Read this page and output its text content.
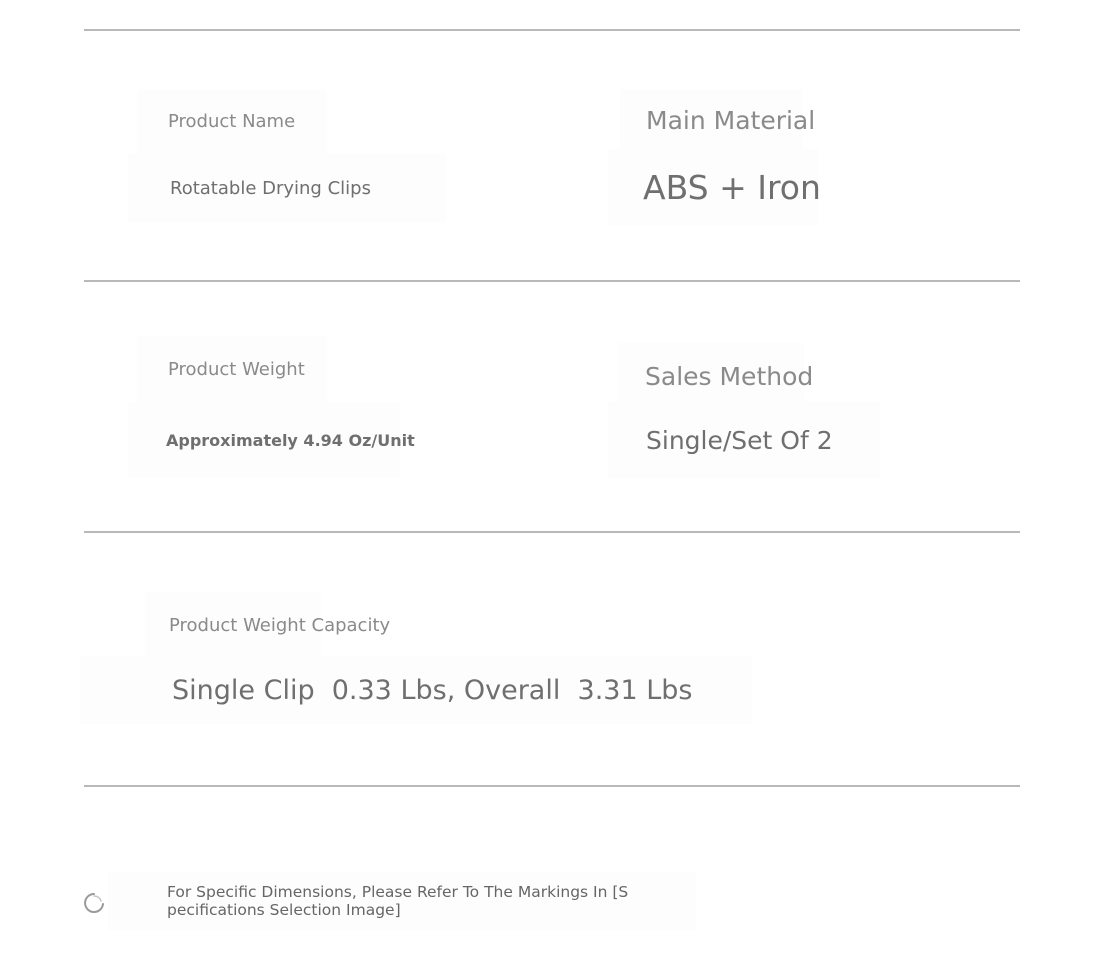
Product Name
Rotatable Drying Clips
Main Material
ABS + Iron
Product Weight
Approximately 4.94 Oz/Unit
Sales Method
Single/Set Of 2
Product Weight Capacity
Single Clip  0.33 Lbs, Overall  3.31 Lbs
For Specific Dimensions, Please Refer To The Markings In [S
pecifications Selection Image]
